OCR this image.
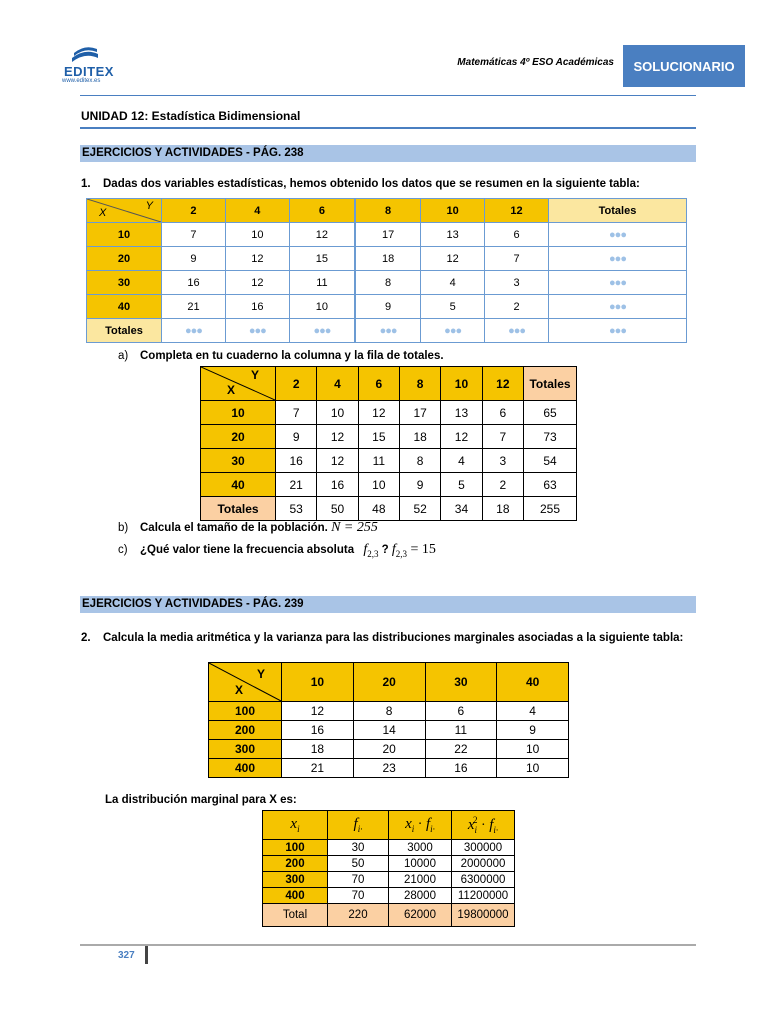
EDITEX
www.editex.es
Matemáticas 4º ESO Académicas	SOLUCIONARIO
UNIDAD 12: Estadística Bidimensional
EJERCICIOS Y ACTIVIDADES - PÁG. 238
1. Dadas dos variables estadísticas, hemos obtenido los datos que se resumen en la siguiente tabla:
X
Y	2	4	6	8	10	12	Totales
10	7	10	12	17	13	6	●●●
20	9	12	15	18	12	7	●●●
30	16	12	11	8	4	3	●●●
40	21	16	10	9	5	2	●●●
Totales	●●●	●●●	●●●	●●●	●●●	●●●	●●●
a) Completa en tu cuaderno la columna y la fila de totales.
X
Y	2	4	6	8	10	12	Totales
10	7	10	12	17	13	6	65
20	9	12	15	18	12	7	73
30	16	12	11	8	4	3	54
40	21	16	10	9	5	2	63
Totales	53	50	48	52	34	18	255
b) Calcula el tamaño de la población. N = 255
c) ¿Qué valor tiene la frecuencia absoluta $f_{2,3}$ ? $f_{2,3} = 15$
EJERCICIOS Y ACTIVIDADES - PÁG. 239
2. Calcula la media aritmética y la varianza para las distribuciones marginales asociadas a la siguiente tabla:
X
Y	10	20	30	40
100	12	8	6	4
200	16	14	11	9
300	18	20	22	10
400	21	23	16	10
La distribución marginal para X es:
$x_i$	$f_{i\cdot}$	$x_i \cdot f_{i\cdot}$	$x_i^2 \cdot f_{i\cdot}$
100	30	3000	300000
200	50	10000	2000000
300	70	21000	6300000
400	70	28000	11200000
Total	220	62000	19800000
327
